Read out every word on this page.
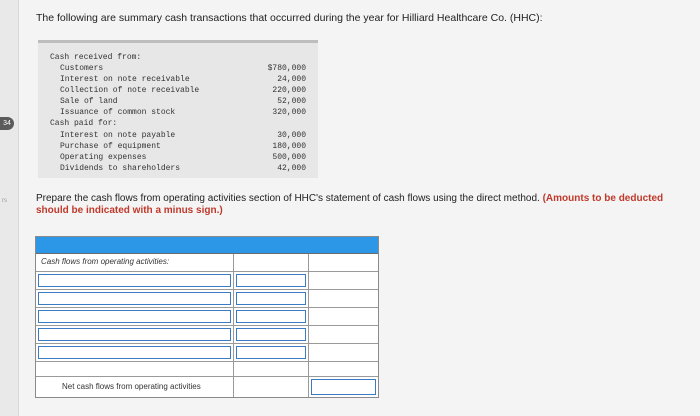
34
rs
The following are summary cash transactions that occurred during the year for Hilliard Healthcare Co. (HHC):
Cash received from:
Customers	$780,000
Interest on note receivable	24,000
Collection of note receivable	220,000
Sale of land	52,000
Issuance of common stock	320,000
Cash paid for:
Interest on note payable	30,000
Purchase of equipment	180,000
Operating expenses	500,000
Dividends to shareholders	42,000
Prepare the cash flows from operating activities section of HHC's statement of cash flows using the direct method. (Amounts to be deducted should be indicated with a minus sign.)
Cash flows from operating activities:
Net cash flows from operating activities
